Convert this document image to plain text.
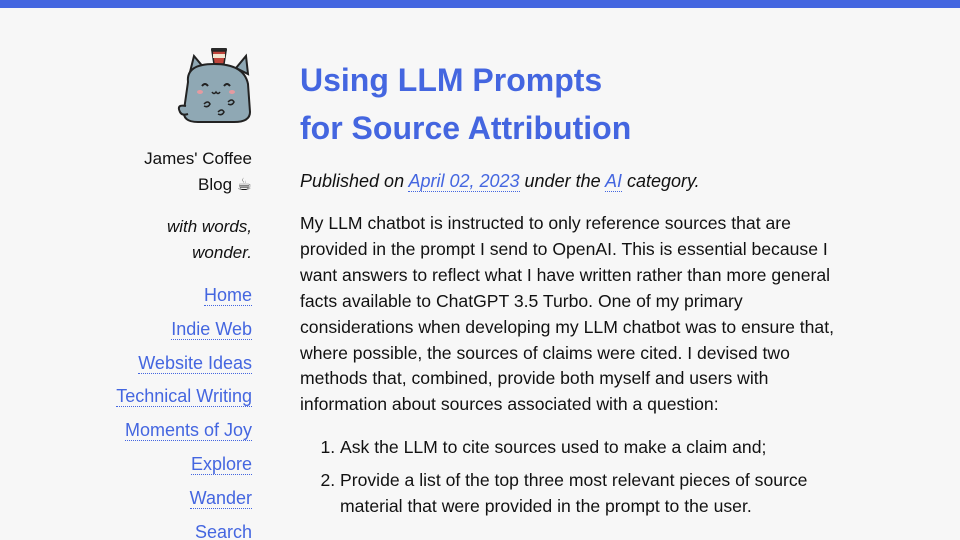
James' Coffee Blog ☕
with words, wonder.
Home
Indie Web
Website Ideas
Technical Writing
Moments of Joy
Explore
Wander
Search
Using LLM Prompts
for Source Attribution

Published on April 02, 2023 under the AI category.

My LLM chatbot is instructed to only reference sources that are provided in the prompt I send to OpenAI. This is essential because I want answers to reflect what I have written rather than more general facts available to ChatGPT 3.5 Turbo. One of my primary considerations when developing my LLM chatbot was to ensure that, where possible, the sources of claims were cited. I devised two methods that, combined, provide both myself and users with information about sources associated with a question:

1. Ask the LLM to cite sources used to make a claim and;
2. Provide a list of the top three most relevant pieces of source material that were provided in the prompt to the user.
